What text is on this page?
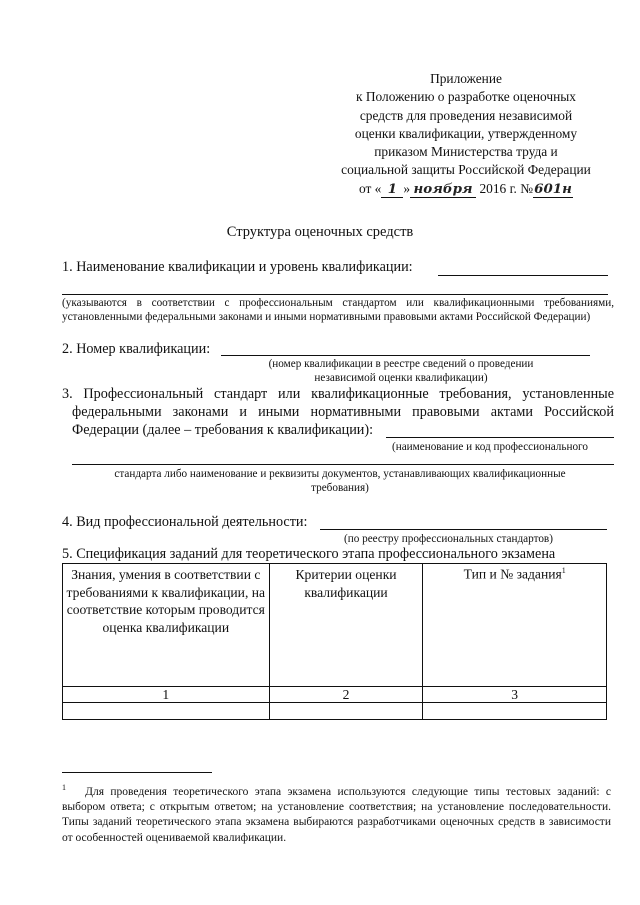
Приложение
к Положению о разработке оценочных
средств для проведения независимой
оценки квалификации, утвержденному
приказом Министерства труда и
социальной защиты Российской Федерации
от « 1 » ноября 2016 г. №601н
Структура оценочных средств
1. Наименование квалификации и уровень квалификации:
(указываются в соответствии с профессиональным стандартом или квалификационными требованиями, установленными федеральными законами и иными нормативными правовыми актами Российской Федерации)
2. Номер квалификации:
(номер квалификации в реестре сведений о проведении
независимой оценки квалификации)
3. Профессиональный стандарт или квалификационные требования, установленные
федеральными законами и иными нормативными правовыми актами Российской
Федерации (далее – требования к квалификации):
(наименование и код профессионального
стандарта либо наименование и реквизиты документов, устанавливающих квалификационные
требования)
4. Вид профессиональной деятельности:
(по реестру профессиональных стандартов)
5. Спецификация заданий для теоретического этапа профессионального экзамена
Знания, умения в соответствии с требованиями к квалификации, на соответствие которым проводится оценка квалификации	Критерии оценки квалификации	Тип и № задания$^1$
1	2	3

$^1$ Для проведения теоретического этапа экзамена используются следующие типы тестовых заданий: с выбором ответа; с открытым ответом; на установление соответствия; на установление последовательности. Типы заданий теоретического этапа экзамена выбираются разработчиками оценочных средств в зависимости от особенностей оцениваемой квалификации.
